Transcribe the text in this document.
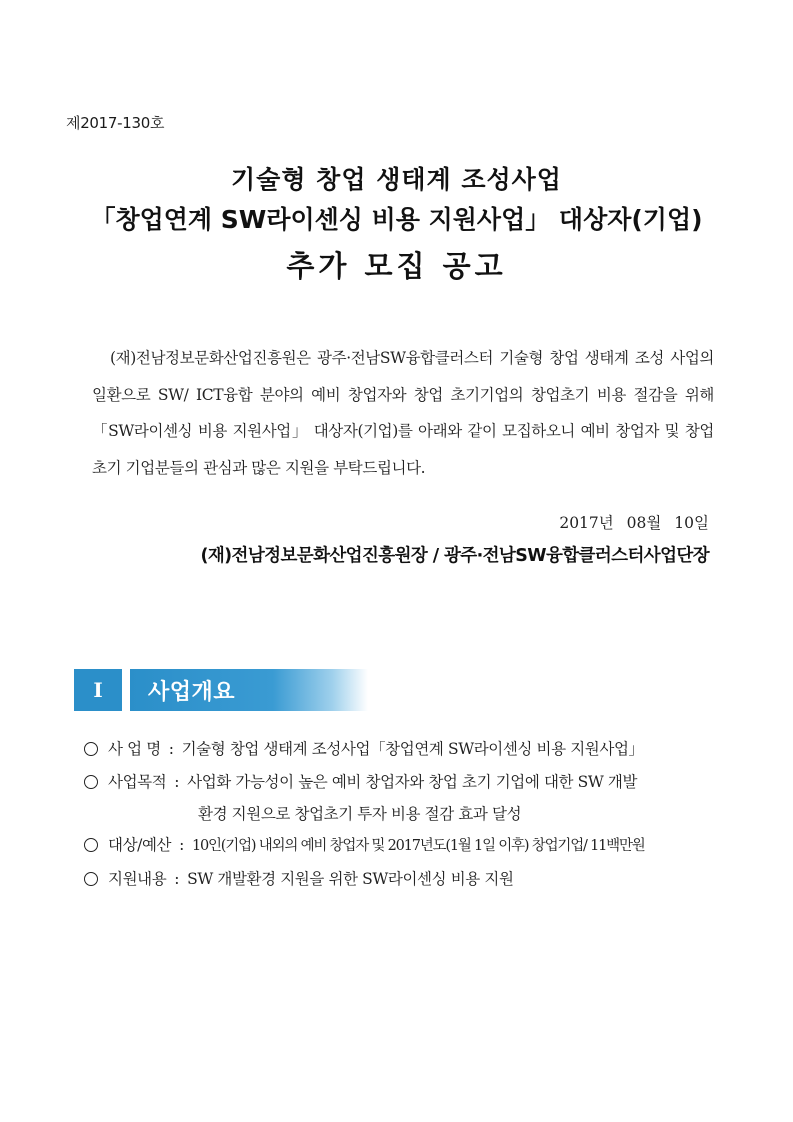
제2017-130호
기술형 창업 생태계 조성사업
「창업연계 SW라이센싱 비용 지원사업」 대상자(기업)
추가 모집 공고
(재)전남정보문화산업진흥원은 광주·전남SW융합클러스터 기술형 창업 생태계 조성 사업의 일환으로 SW/ ICT융합 분야의 예비 창업자와 창업 초기기업의 창업초기 비용 절감을 위해 「SW라이센싱 비용 지원사업」 대상자(기업)를 아래와 같이 모집하오니 예비 창업자 및 창업 초기 기업분들의 관심과 많은 지원을 부탁드립니다.
2017년 08월 10일
(재)전남정보문화산업진흥원장 / 광주·전남SW융합클러스터사업단장
I	사업개요
사 업 명 : 기술형 창업 생태계 조성사업「창업연계 SW라이센싱 비용 지원사업」
사업목적 : 사업화 가능성이 높은 예비 창업자와 창업 초기 기업에 대한 SW 개발
환경 지원으로 창업초기 투자 비용 절감 효과 달성
대상/예산 : 10인(기업) 내외의 예비 창업자 및 2017년도(1월 1일 이후) 창업기업/ 11백만원
지원내용 : SW 개발환경 지원을 위한 SW라이센싱 비용 지원
